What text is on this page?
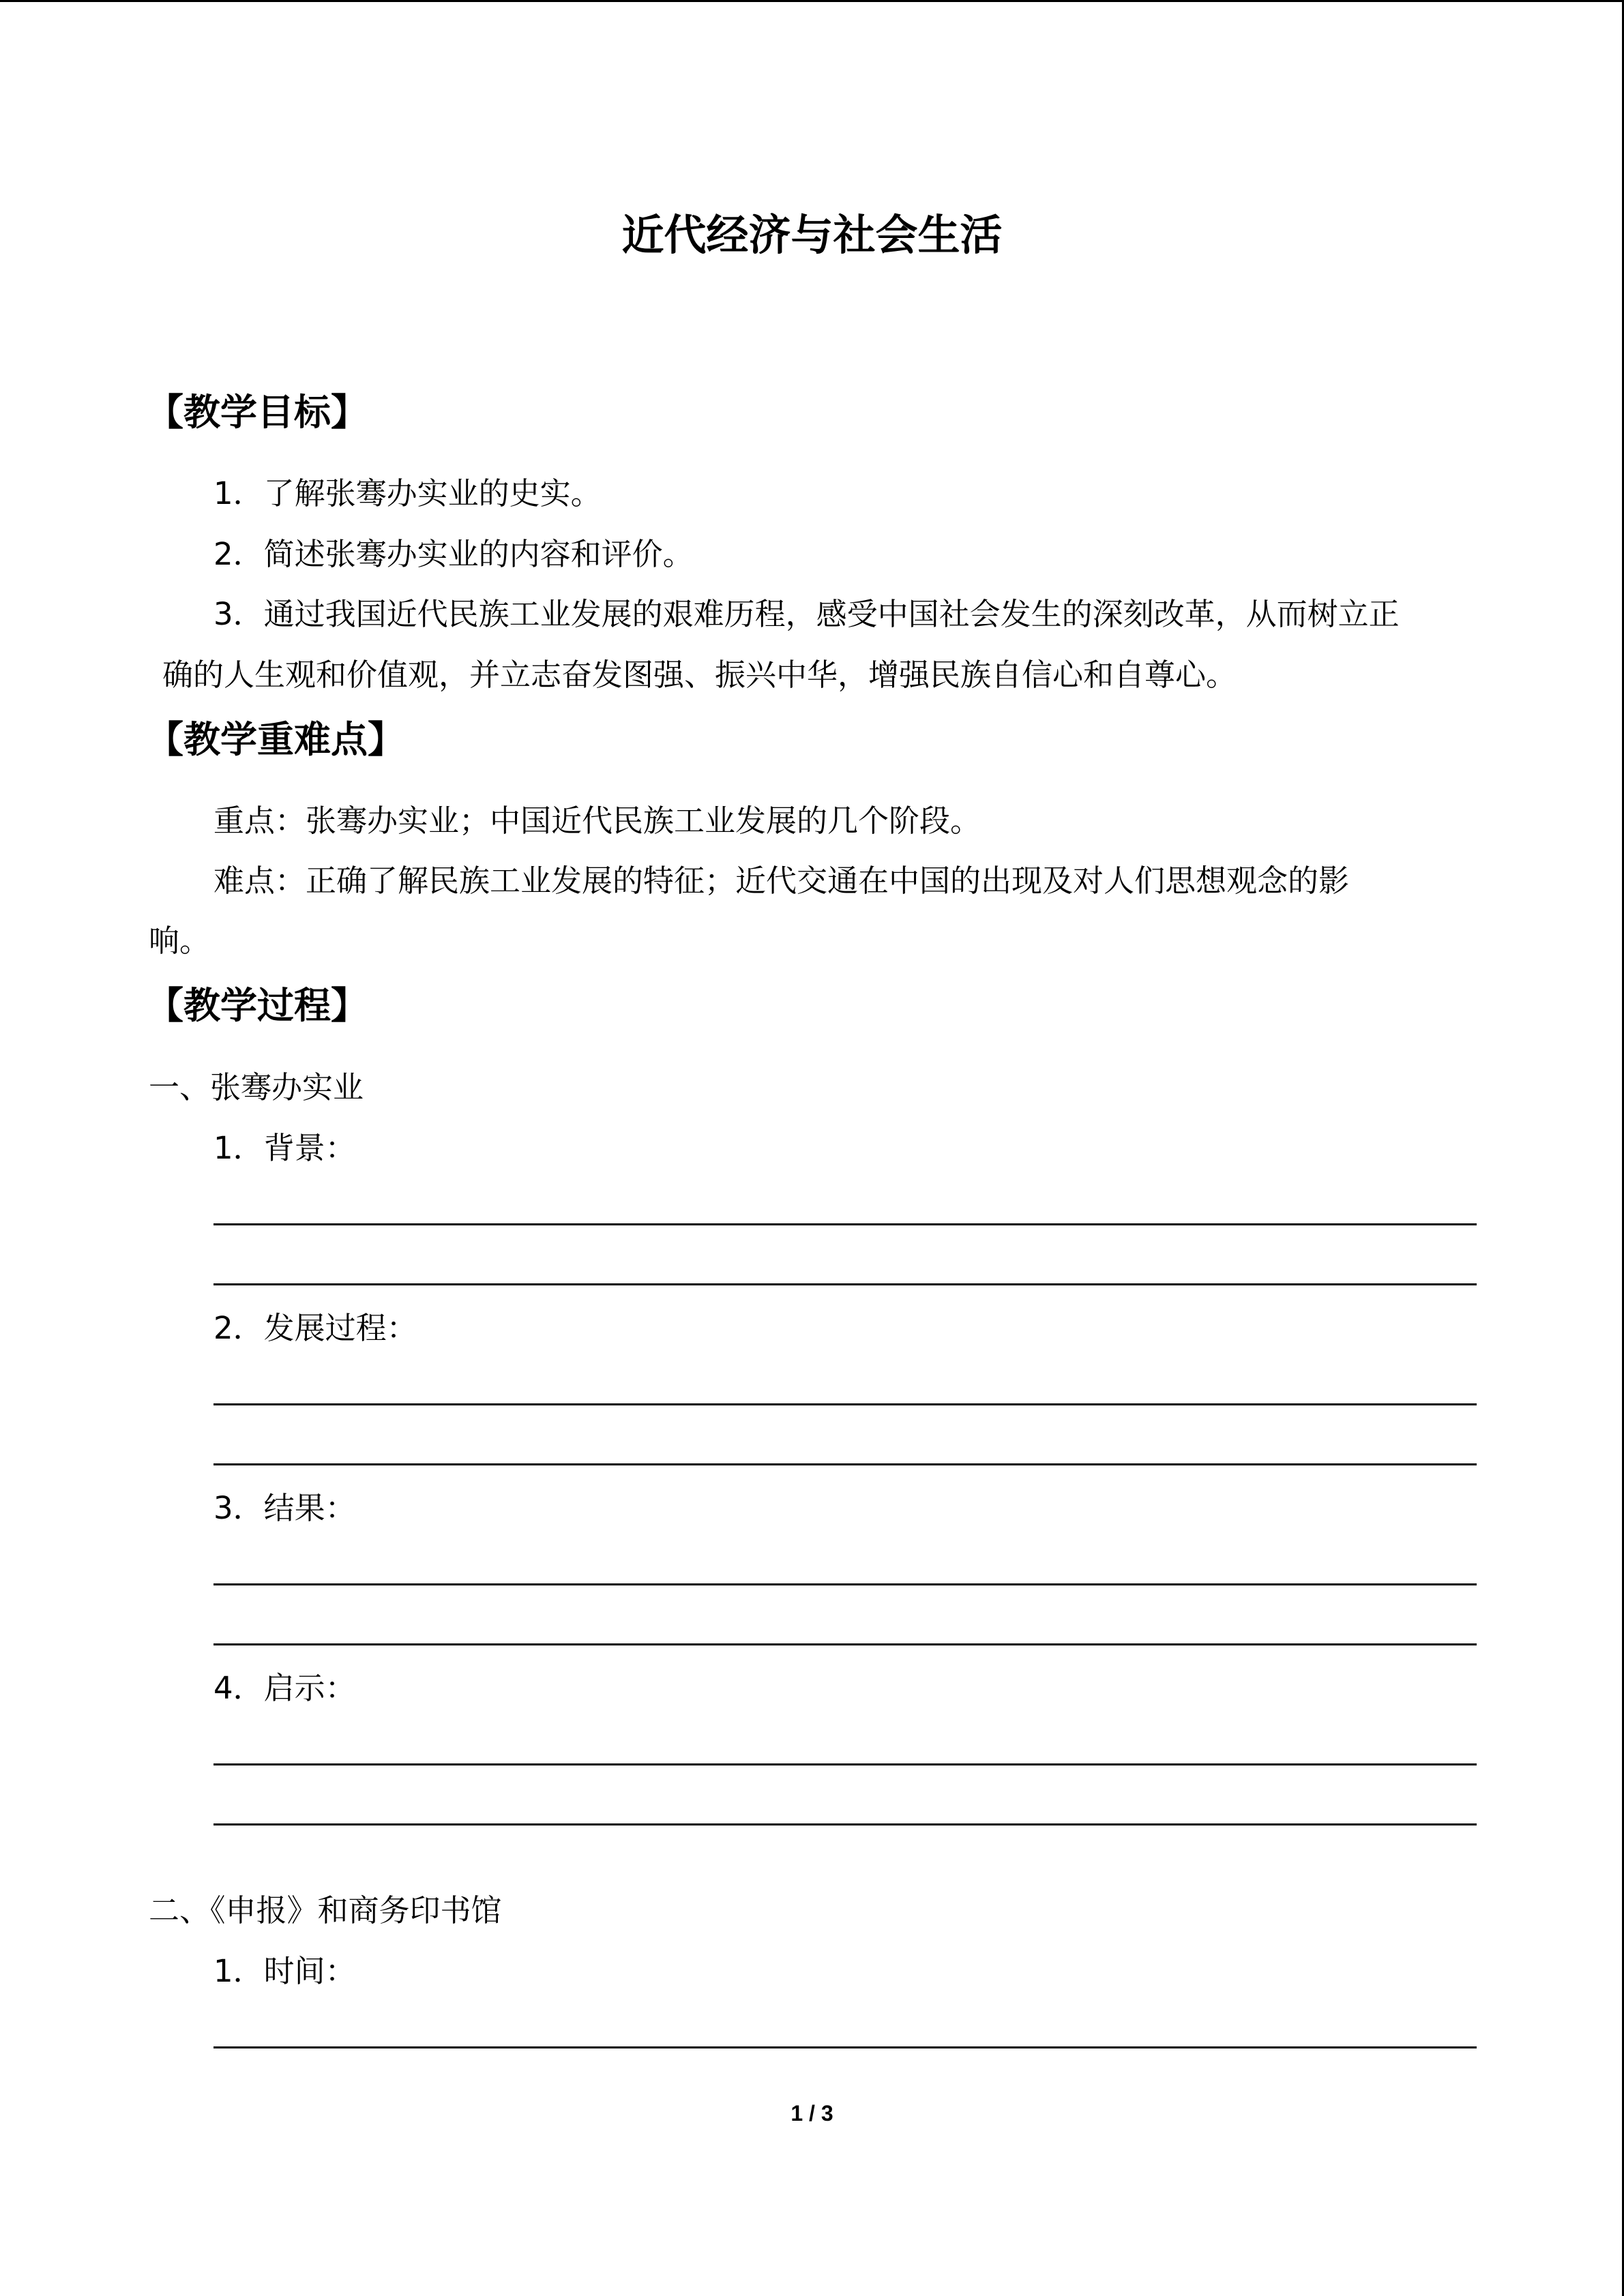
近代经济与社会生活
【教学目标】
1．了解张骞办实业的史实。
2．简述张骞办实业的内容和评价。
3．通过我国近代民族工业发展的艰难历程，感受中国社会发生的深刻改革，从而树立正
确的人生观和价值观，并立志奋发图强、振兴中华，增强民族自信心和自尊心。
【教学重难点】
重点：张骞办实业；中国近代民族工业发展的几个阶段。
难点：正确了解民族工业发展的特征；近代交通在中国的出现及对人们思想观念的影
响。
【教学过程】
一、张骞办实业
1．背景：
2．发展过程：
3．结果：
4．启示：
二、《申报》和商务印书馆
1．时间：
1 / 3
